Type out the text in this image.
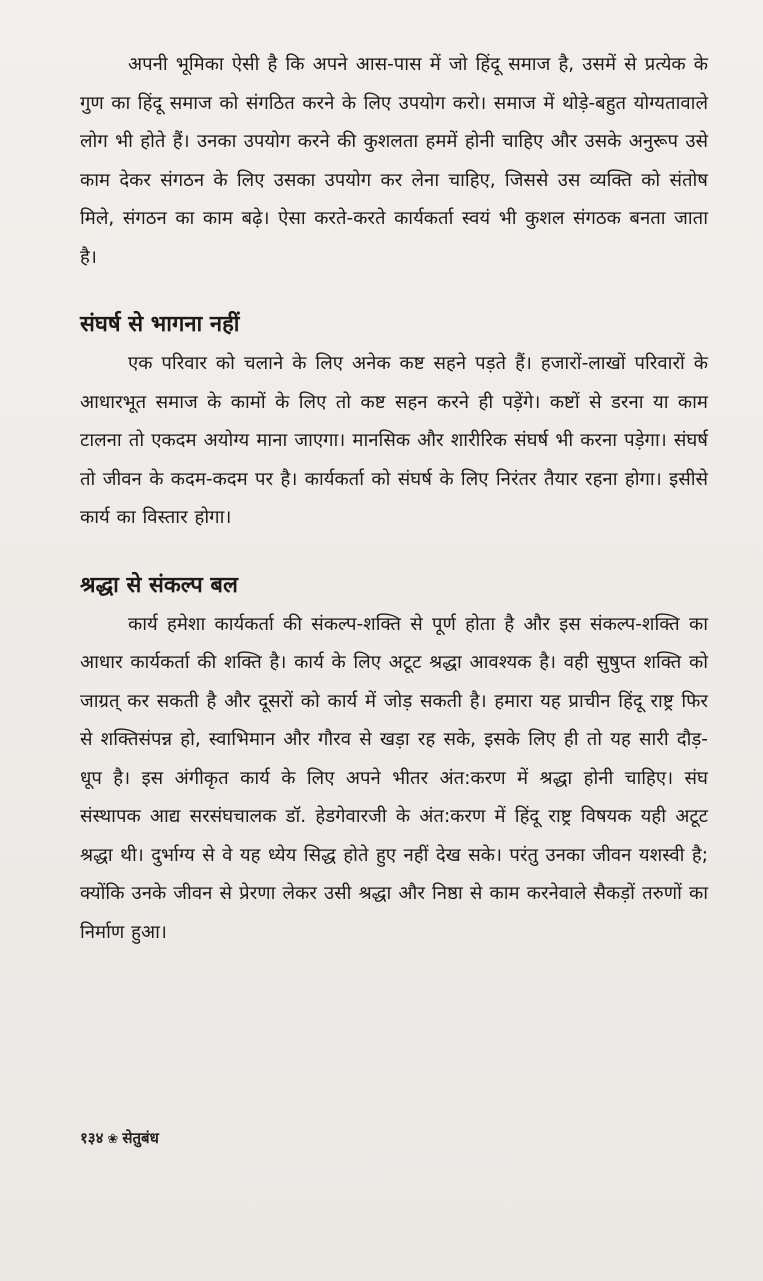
अपनी भूमिका ऐसी है कि अपने आस-पास में जो हिंदू समाज है, उसमें से प्रत्येक के गुण का हिंदू समाज को संगठित करने के लिए उपयोग करो। समाज में थोड़े-बहुत योग्यतावाले लोग भी होते हैं। उनका उपयोग करने की कुशलता हममें होनी चाहिए और उसके अनुरूप उसे काम देकर संगठन के लिए उसका उपयोग कर लेना चाहिए, जिससे उस व्यक्ति को संतोष मिले, संगठन का काम बढ़े। ऐसा करते-करते कार्यकर्ता स्वयं भी कुशल संगठक बनता जाता है।

संघर्ष से भागना नहीं

एक परिवार को चलाने के लिए अनेक कष्ट सहने पड़ते हैं। हजारों-लाखों परिवारों के आधारभूत समाज के कामों के लिए तो कष्ट सहन करने ही पड़ेंगे। कष्टों से डरना या काम टालना तो एकदम अयोग्य माना जाएगा। मानसिक और शारीरिक संघर्ष भी करना पड़ेगा। संघर्ष तो जीवन के कदम-कदम पर है। कार्यकर्ता को संघर्ष के लिए निरंतर तैयार रहना होगा। इसीसे कार्य का विस्तार होगा।

श्रद्धा से संकल्प बल

कार्य हमेशा कार्यकर्ता की संकल्प-शक्ति से पूर्ण होता है और इस संकल्प-शक्ति का आधार कार्यकर्ता की शक्ति है। कार्य के लिए अटूट श्रद्धा आवश्यक है। वही सुषुप्त शक्ति को जाग्रत् कर सकती है और दूसरों को कार्य में जोड़ सकती है। हमारा यह प्राचीन हिंदू राष्ट्र फिर से शक्तिसंपन्न हो, स्वाभिमान और गौरव से खड़ा रह सके, इसके लिए ही तो यह सारी दौड़-धूप है। इस अंगीकृत कार्य के लिए अपने भीतर अंत:करण में श्रद्धा होनी चाहिए। संघ संस्थापक आद्य सरसंघचालक डॉ. हेडगेवारजी के अंत:करण में हिंदू राष्ट्र विषयक यही अटूट श्रद्धा थी। दुर्भाग्य से वे यह ध्येय सिद्ध होते हुए नहीं देख सके। परंतु उनका जीवन यशस्वी है; क्योंकि उनके जीवन से प्रेरणा लेकर उसी श्रद्धा और निष्ठा से काम करनेवाले सैकड़ों तरुणों का निर्माण हुआ।

१३४ ❀ सेतुबंध
